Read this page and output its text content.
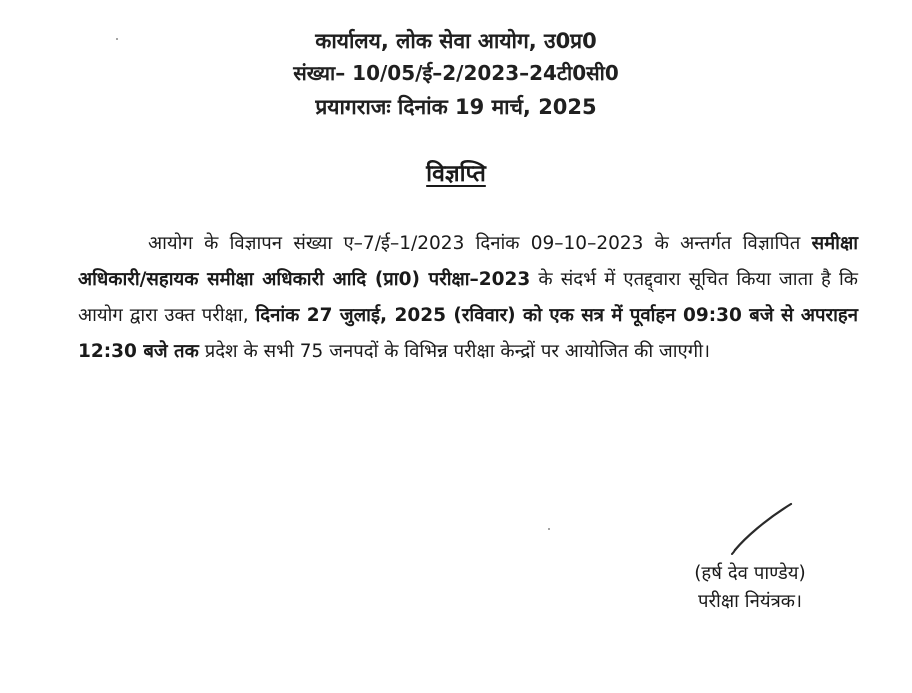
कार्यालय, लोक सेवा आयोग, उ0प्र0
संख्या– 10/05/ई–2/2023–24टी0सी0
प्रयागराजः दिनांक 19 मार्च, 2025
विज्ञप्ति
आयोग के विज्ञापन संख्या ए–7/ई–1/2023 दिनांक 09–10–2023 के अन्तर्गत विज्ञापित समीक्षा अधिकारी/सहायक समीक्षा अधिकारी आदि (प्रा0) परीक्षा–2023 के संदर्भ में एतद्द्वारा सूचित किया जाता है कि आयोग द्वारा उक्त परीक्षा, दिनांक 27 जुलाई, 2025 (रविवार) को एक सत्र में पूर्वाहन 09:30 बजे से अपराहन 12:30 बजे तक प्रदेश के सभी 75 जनपदों के विभिन्न परीक्षा केन्द्रों पर आयोजित की जाएगी।
(हर्ष देव पाण्डेय)
परीक्षा नियंत्रक।
